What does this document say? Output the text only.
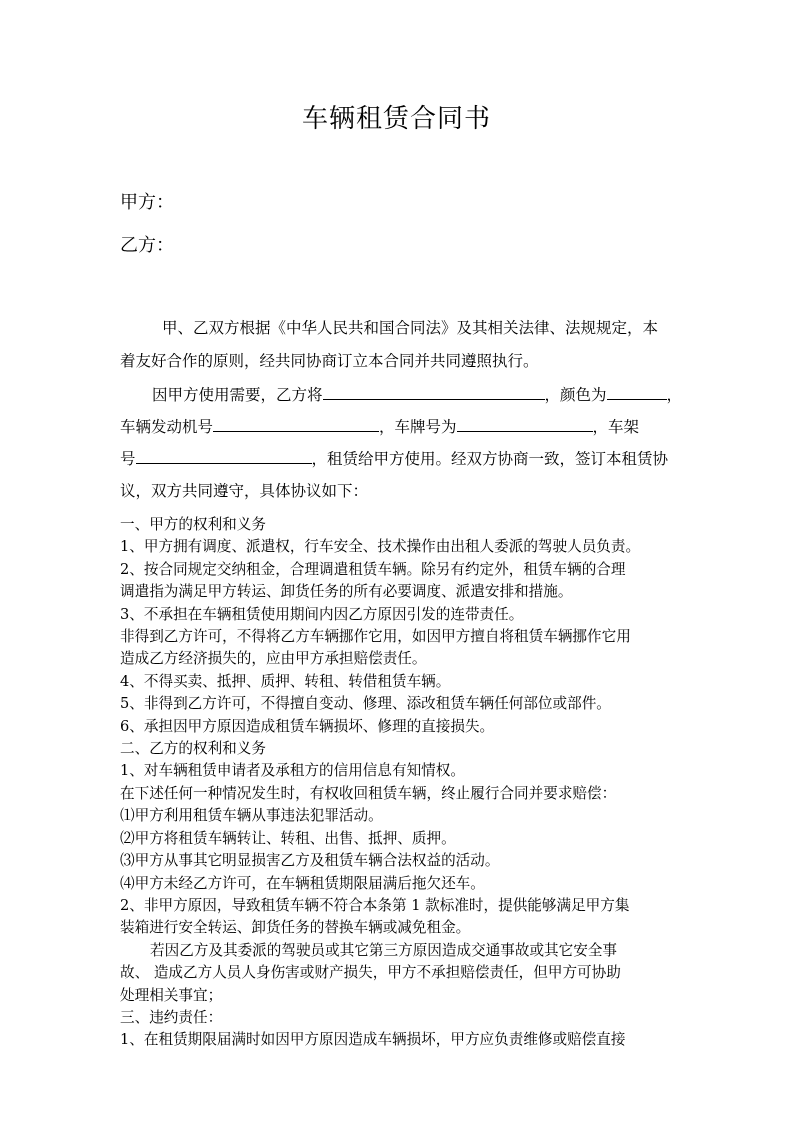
车辆租赁合同书
甲方：
乙方：
甲、乙双方根据《中华人民共和国合同法》及其相关法律、法规规定，本
着友好合作的原则，经共同协商订立本合同并共同遵照执行。
因甲方使用需要，乙方将	，颜色为	，
车辆发动机号	，车牌号为	，车架
号	，租赁给甲方使用。经双方协商一致，签订本租赁协
议，双方共同遵守，具体协议如下：
一、甲方的权利和义务
1、甲方拥有调度、派遣权，行车安全、技术操作由出租人委派的驾驶人员负责。
2、按合同规定交纳租金，合理调遣租赁车辆。除另有约定外，租赁车辆的合理
调遣指为满足甲方转运、卸货任务的所有必要调度、派遣安排和措施。
3、不承担在车辆租赁使用期间内因乙方原因引发的连带责任。
非得到乙方许可，不得将乙方车辆挪作它用，如因甲方擅自将租赁车辆挪作它用
造成乙方经济损失的，应由甲方承担赔偿责任。
4、不得买卖、抵押、质押、转租、转借租赁车辆。
5、非得到乙方许可，不得擅自变动、修理、添改租赁车辆任何部位或部件。
6、承担因甲方原因造成租赁车辆损坏、修理的直接损失。
二、乙方的权利和义务
1、对车辆租赁申请者及承租方的信用信息有知情权。
在下述任何一种情况发生时，有权收回租赁车辆，终止履行合同并要求赔偿：
⑴甲方利用租赁车辆从事违法犯罪活动。
⑵甲方将租赁车辆转让、转租、出售、抵押、质押。
⑶甲方从事其它明显损害乙方及租赁车辆合法权益的活动。
⑷甲方未经乙方许可，在车辆租赁期限届满后拖欠还车。
2、非甲方原因，导致租赁车辆不符合本条第 1 款标准时，提供能够满足甲方集
装箱进行安全转运、卸货任务的替换车辆或减免租金。
若因乙方及其委派的驾驶员或其它第三方原因造成交通事故或其它安全事
故、 造成乙方人员人身伤害或财产损失，甲方不承担赔偿责任，但甲方可协助
处理相关事宜；
三、违约责任：
1、在租赁期限届满时如因甲方原因造成车辆损坏，甲方应负责维修或赔偿直接
